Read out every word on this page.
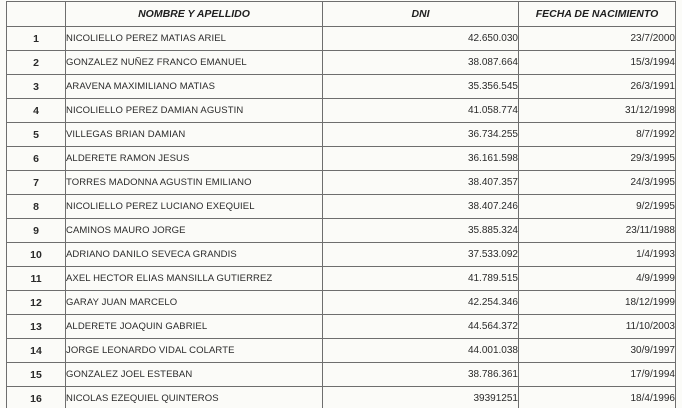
	NOMBRE Y APELLIDO	DNI	FECHA DE NACIMIENTO
1	NICOLIELLO PEREZ MATIAS ARIEL	42.650.030	23/7/2000
2	GONZALEZ NUÑEZ FRANCO EMANUEL	38.087.664	15/3/1994
3	ARAVENA MAXIMILIANO MATIAS	35.356.545	26/3/1991
4	NICOLIELLO PEREZ DAMIAN AGUSTIN	41.058.774	31/12/1998
5	VILLEGAS BRIAN DAMIAN	36.734.255	8/7/1992
6	ALDERETE RAMON JESUS	36.161.598	29/3/1995
7	TORRES MADONNA AGUSTIN EMILIANO	38.407.357	24/3/1995
8	NICOLIELLO PEREZ LUCIANO EXEQUIEL	38.407.246	9/2/1995
9	CAMINOS MAURO JORGE	35.885.324	23/11/1988
10	ADRIANO DANILO SEVECA GRANDIS	37.533.092	1/4/1993
11	AXEL HECTOR ELIAS MANSILLA GUTIERREZ	41.789.515	4/9/1999
12	GARAY JUAN MARCELO	42.254.346	18/12/1999
13	ALDERETE JOAQUIN GABRIEL	44.564.372	11/10/2003
14	JORGE LEONARDO VIDAL COLARTE	44.001.038	30/9/1997
15	GONZALEZ JOEL ESTEBAN	38.786.361	17/9/1994
16	NICOLAS EZEQUIEL QUINTEROS	39391251	18/4/1996
